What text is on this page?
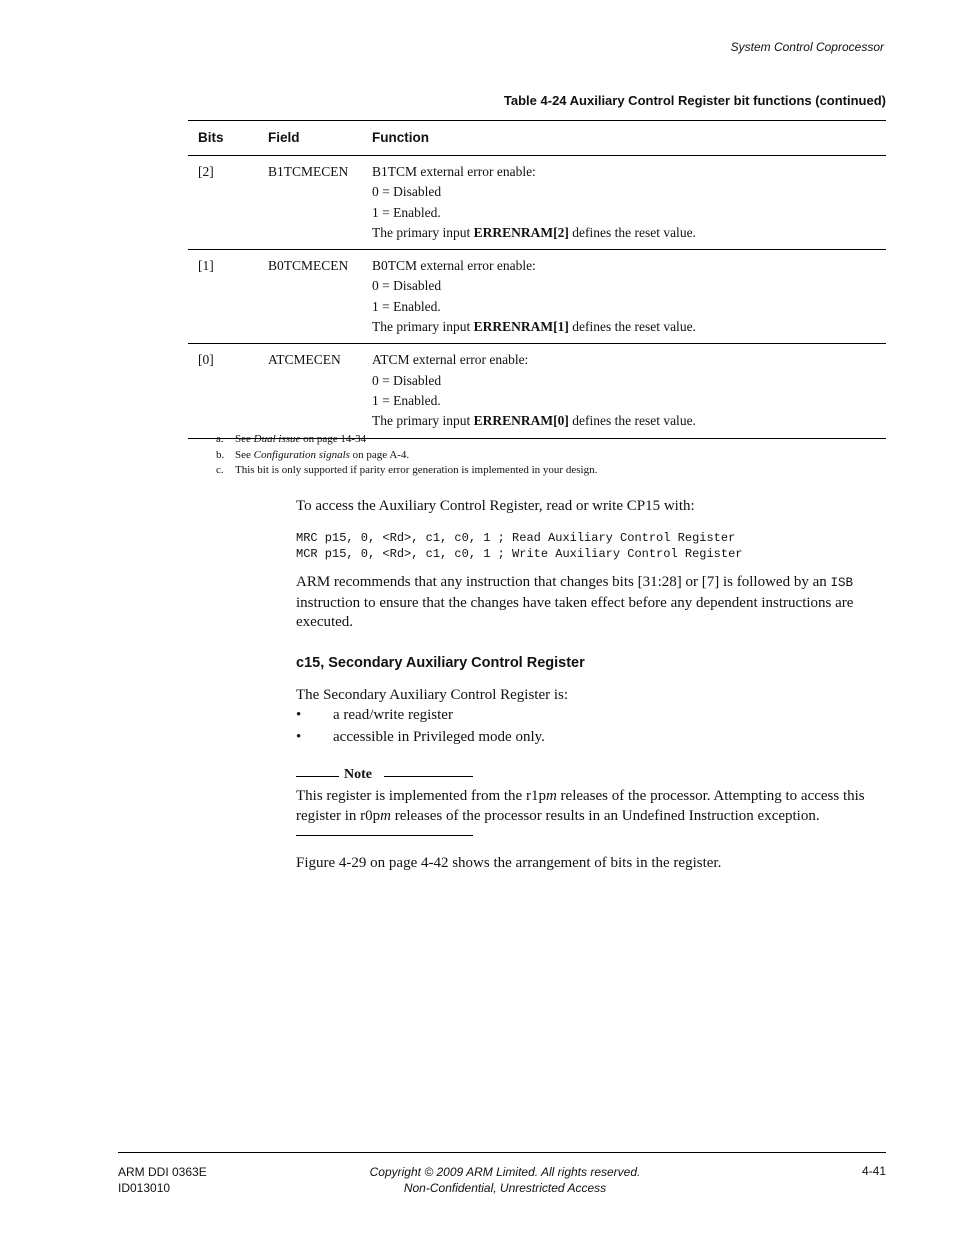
System Control Coprocessor
Table 4-24 Auxiliary Control Register bit functions (continued)
Bits	Field	Function
[2]	B1TCMECEN	B1TCM external error enable:
0 = Disabled
1 = Enabled.
The primary input ERRENRAM[2] defines the reset value.

[1]	B0TCMECEN	B0TCM external error enable:
0 = Disabled
1 = Enabled.
The primary input ERRENRAM[1] defines the reset value.

[0]	ATCMECEN	ATCM external error enable:
0 = Disabled
1 = Enabled.
The primary input ERRENRAM[0] defines the reset value.
a.	See Dual issue on page 14-34
b. See Configuration signals on page A-4.
c.	This bit is only supported if parity error generation is implemented in your design.
To access the Auxiliary Control Register, read or write CP15 with:
MRC p15, 0, <Rd>, c1, c0, 1 ; Read Auxiliary Control Register
MCR p15, 0, <Rd>, c1, c0, 1 ; Write Auxiliary Control Register
ARM recommends that any instruction that changes bits [31:28] or [7] is followed by an ISB instruction to ensure that the changes have taken effect before any dependent instructions are executed.
c15, Secondary Auxiliary Control Register
The Secondary Auxiliary Control Register is:
• a read/write register
• accessible in Privileged mode only.
Note
This register is implemented from the r1pm releases of the processor. Attempting to access this register in r0pm releases of the processor results in an Undefined Instruction exception.
Figure 4-29 on page 4-42 shows the arrangement of bits in the register.
ARM DDI 0363E
ID013010
Copyright © 2009 ARM Limited. All rights reserved.
Non-Confidential, Unrestricted Access
4-41
